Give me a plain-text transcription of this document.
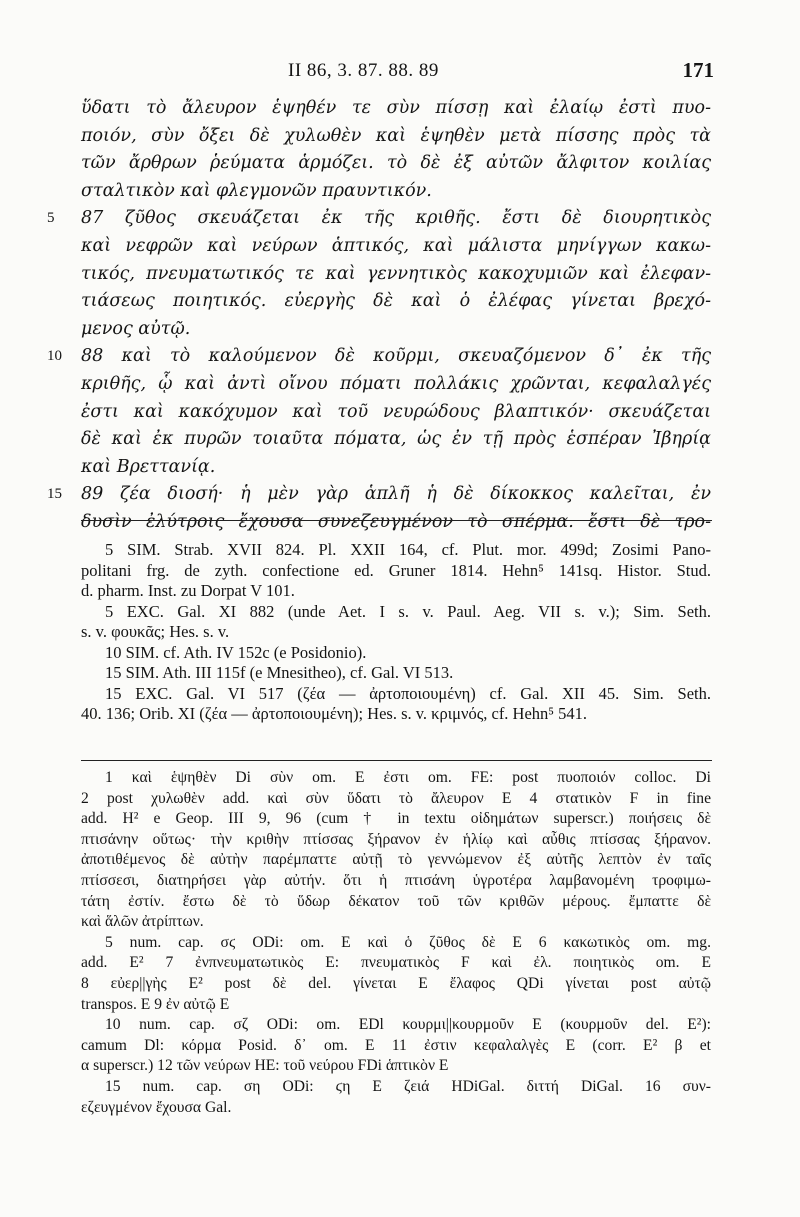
II 86, 3. 87. 88. 89	171
ὕδατι τὸ ἄλευρον ἑψηθέν τε σὺν πίσσῃ καὶ ἐλαίῳ ἐστὶ πυο-
ποιόν, σὺν ὄξει δὲ χυλωθὲν καὶ ἑψηθὲν μετὰ πίσσης πρὸς τὰ
τῶν ἄρθρων ῥεύματα ἁρμόζει. τὸ δὲ ἐξ αὐτῶν ἄλφιτον κοιλίας
σταλτικὸν καὶ φλεγμονῶν πραυντικόν.
5 87 ζῦθος σκευάζεται ἐκ τῆς κριθῆς. ἔστι δὲ διουρητικὸς
καὶ νεφρῶν καὶ νεύρων ἁπτικός, καὶ μάλιστα μηνίγγων κακω-
τικός, πνευματωτικός τε καὶ γεννητικὸς κακοχυμιῶν καὶ ἐλεφαν-
τιάσεως ποιητικός. εὐεργὴς δὲ καὶ ὁ ἐλέφας γίνεται βρεχό-
μενος αὐτῷ.
10 88 καὶ τὸ καλούμενον δὲ κοῦρμι, σκευαζόμενον δ᾽ ἐκ τῆς
κριθῆς, ᾧ καὶ ἀντὶ οἴνου πόματι πολλάκις χρῶνται, κεφαλαλγές
ἐστι καὶ κακόχυμον καὶ τοῦ νευρώδους βλαπτικόν· σκευάζεται
δὲ καὶ ἐκ πυρῶν τοιαῦτα πόματα, ὡς ἐν τῇ πρὸς ἑσπέραν Ἰβηρίᾳ
καὶ Βρεττανίᾳ.
15 89 ζέα διοσή· ἡ μὲν γὰρ ἁπλῆ ἡ δὲ δίκοκκος καλεῖται, ἐν
δυσὶν ἐλύτροις ἔχουσα συνεζευγμένον τὸ σπέρμα. ἔστι δὲ τρο-
5 SIM. Strab. XVII 824. Pl. XXII 164, cf. Plut. mor. 499d; Zosimi Pano-
politani frg. de zyth. confectione ed. Gruner 1814. Hehn⁵ 141sq. Histor. Stud.
d. pharm. Inst. zu Dorpat V 101.
5 EXC. Gal. XI 882 (unde Aet. I s. v. Paul. Aeg. VII s. v.); Sim. Seth.
s. v. φουκᾶς; Hes. s. v.
10 SIM. cf. Ath. IV 152c (e Posidonio).
15 SIM. Ath. III 115f (e Mnesitheo), cf. Gal. VI 513.
15 EXC. Gal. VI 517 (ζέα — ἀρτοποιουμένη) cf. Gal. XII 45. Sim. Seth.
40. 136; Orib. XI (ζέα — ἀρτοποιουμένη); Hes. s. v. κριμνός, cf. Hehn⁵ 541.
1 καὶ ἑψηθὲν Di σὺν om. E ἐστι om. FE: post πυοποιόν colloc. Di
2 post χυλωθὲν add. καὶ σὺν ὕδατι τὸ ἄλευρον E 4 στατικὸν F in fine
add. H² e Geop. III 9, 96 (cum † in textu οἰδημάτων superscr.) ποιήσεις δὲ
πτισάνην οὕτως· τὴν κριθὴν πτίσσας ξήρανον ἐν ἡλίῳ καὶ αὖθις πτίσσας ξήρανον.
ἀποτιθέμενος δὲ αὐτὴν παρέμπαττε αὐτῇ τὸ γεννώμενον ἐξ αὐτῆς λεπτὸν ἐν ταῖς
πτίσσεσι, διατηρήσει γὰρ αὐτήν. ὅτι ἡ πτισάνη ὑγροτέρα λαμβανομένη τροφιμω-
τάτη ἐστίν. ἔστω δὲ τὸ ὕδωρ δέκατον τοῦ τῶν κριθῶν μέρους. ἔμπαττε δὲ
καὶ ἅλῶν ἀτρίπτων.
5 num. cap. σϛ ODi: om. E καὶ ὁ ζῦθος δὲ E 6 κακωτικὸς om. mg.
add. E² 7 ἐνπνευματωτικὸς E: πνευματικὸς F καὶ ἐλ. ποιητικὸς om. E
8 εὐερ||γὴς E² post δὲ del. γίνεται E ἔλαφος QDi γίνεται post αὐτῷ
transpos. E 9 ἐν αὐτῷ E
10 num. cap. σζ ODi: om. EDl κουρμι||κουρμοῦν E (κουρμοῦν del. E²):
camum Dl: κόρμα Posid. δ᾽ om. E 11 ἐστιν κεφαλαλγὲς E (corr. E² β et
α superscr.) 12 τῶν νεύρων HE: τοῦ νεύρου FDi ἁπτικὸν E
15 num. cap. ση ODi: ϛη E ζειά HDiGal. διττή DiGal. 16 συν-
εζευγμένον ἔχουσα Gal.
